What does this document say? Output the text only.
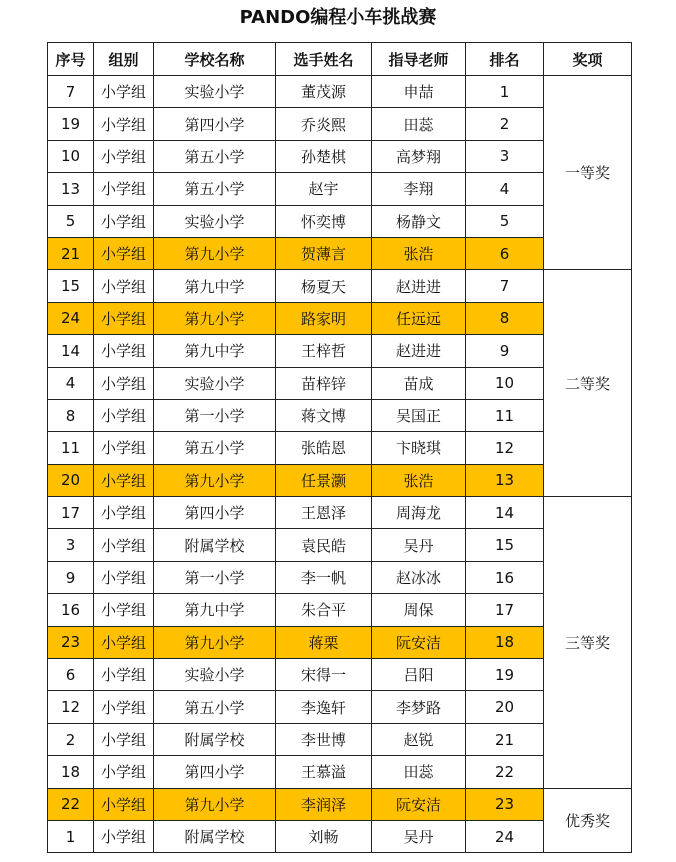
PANDO编程小车挑战赛
序号	组别	学校名称	选手姓名	指导老师	排名	奖项
7	小学组	实验小学	董茂源	申喆	1	一等奖
19	小学组	第四小学	乔炎熙	田蕊	2	
10	小学组	第五小学	孙楚棋	高梦翔	3	
13	小学组	第五小学	赵宇	李翔	4	
5	小学组	实验小学	怀奕博	杨静文	5	
21	小学组	第九小学	贺薄言	张浩	6	
15	小学组	第九中学	杨夏天	赵进进	7	二等奖
24	小学组	第九小学	路家明	任远远	8	
14	小学组	第九中学	王梓哲	赵进进	9	
4	小学组	实验小学	苗梓锌	苗成	10	
8	小学组	第一小学	蒋文博	吴国正	11	
11	小学组	第五小学	张皓恩	卞晓琪	12	
20	小学组	第九小学	任景灏	张浩	13	
17	小学组	第四小学	王恩泽	周海龙	14	三等奖
3	小学组	附属学校	袁民皓	吴丹	15	
9	小学组	第一小学	李一帆	赵冰冰	16	
16	小学组	第九中学	朱合平	周保	17	
23	小学组	第九小学	蒋栗	阮安洁	18	
6	小学组	实验小学	宋得一	吕阳	19	
12	小学组	第五小学	李逸轩	李梦路	20	
2	小学组	附属学校	李世博	赵锐	21	
18	小学组	第四小学	王慕溢	田蕊	22	
22	小学组	第九小学	李润泽	阮安洁	23	优秀奖
1	小学组	附属学校	刘畅	吴丹	24	
